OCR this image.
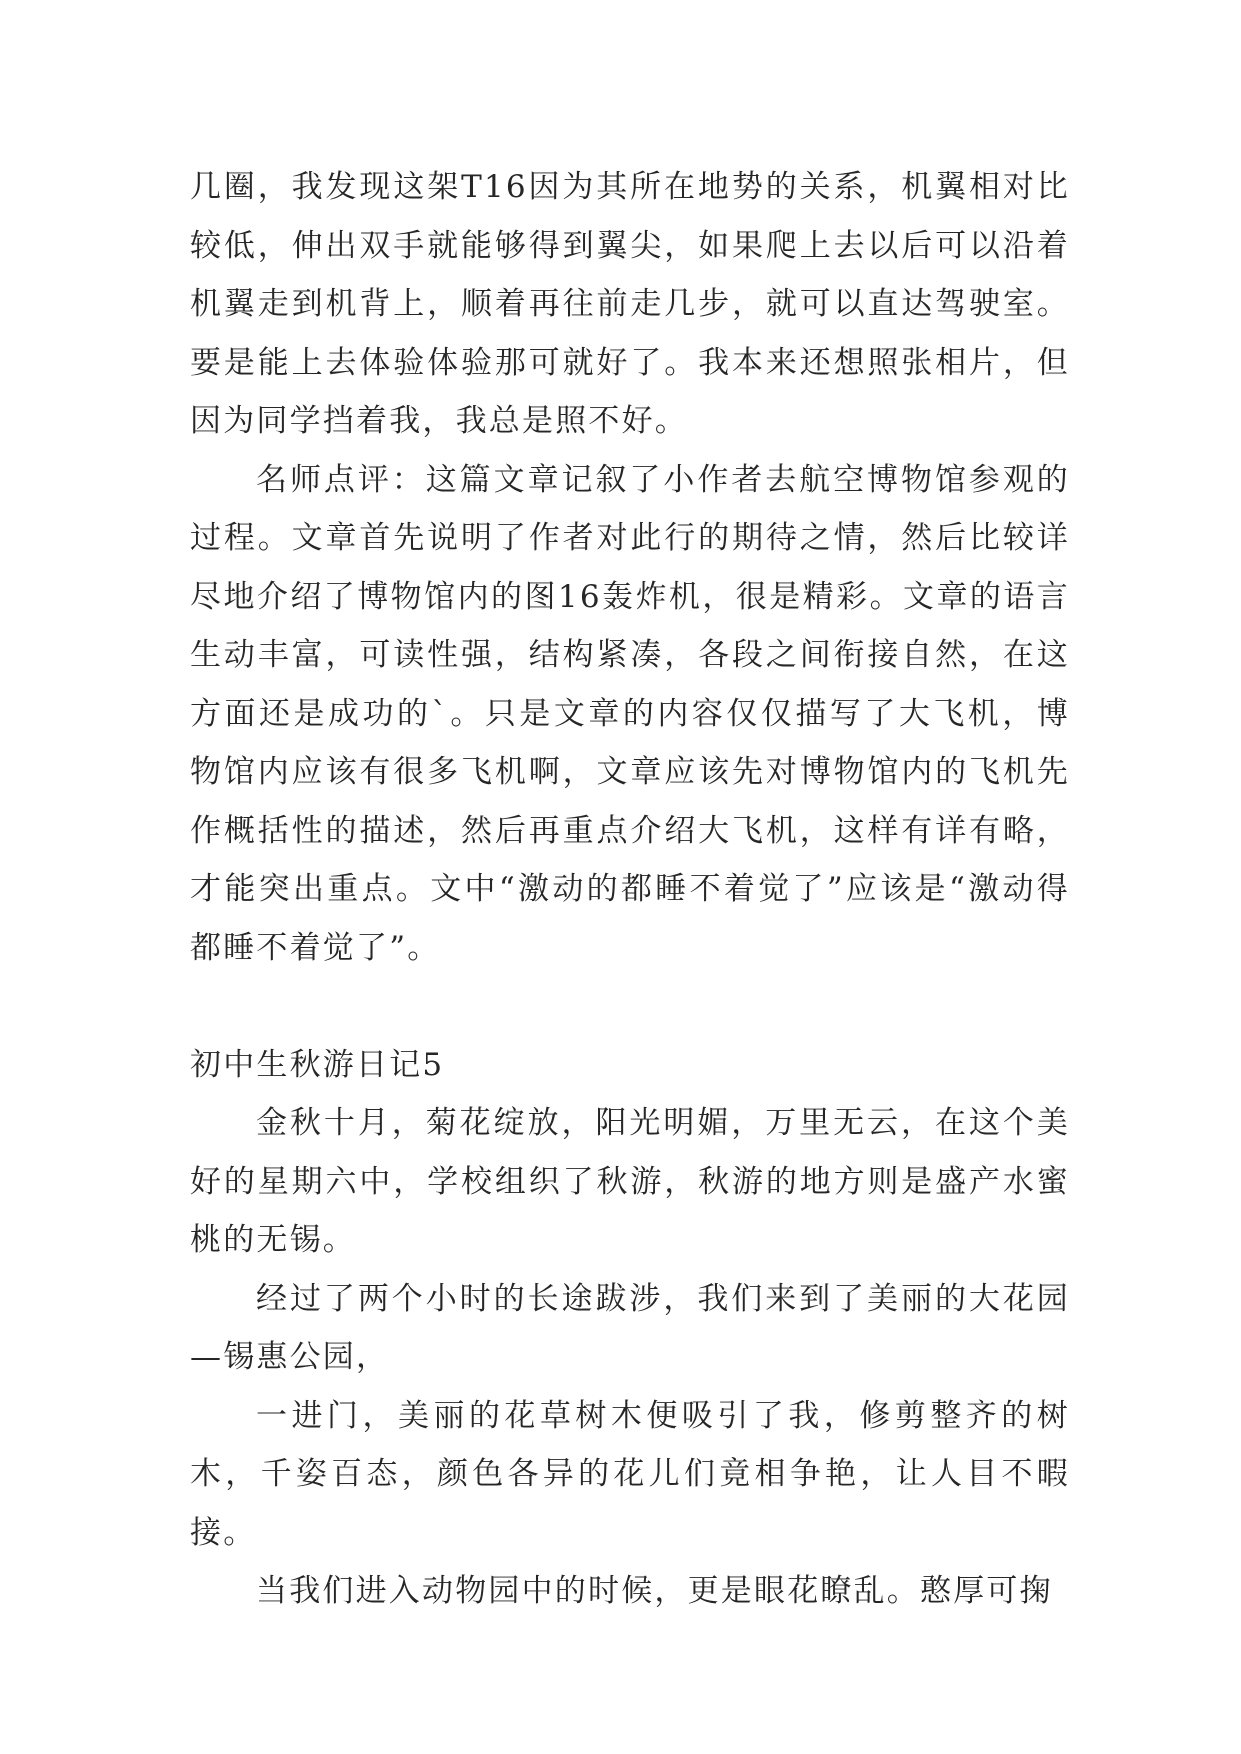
几圈，我发现这架T16因为其所在地势的关系，机翼相对比较低，伸出双手就能够得到翼尖，如果爬上去以后可以沿着机翼走到机背上，顺着再往前走几步，就可以直达驾驶室。要是能上去体验体验那可就好了。我本来还想照张相片，但因为同学挡着我，我总是照不好。

名师点评：这篇文章记叙了小作者去航空博物馆参观的过程。文章首先说明了作者对此行的期待之情，然后比较详尽地介绍了博物馆内的图16轰炸机，很是精彩。文章的语言生动丰富，可读性强，结构紧凑，各段之间衔接自然，在这方面还是成功的`。只是文章的内容仅仅描写了大飞机，博物馆内应该有很多飞机啊，文章应该先对博物馆内的飞机先作概括性的描述，然后再重点介绍大飞机，这样有详有略，才能突出重点。文中“激动的都睡不着觉了”应该是“激动得都睡不着觉了”。

初中生秋游日记5

金秋十月，菊花绽放，阳光明媚，万里无云，在这个美好的星期六中，学校组织了秋游，秋游的地方则是盛产水蜜桃的无锡。

经过了两个小时的长途跋涉，我们来到了美丽的大花园—锡惠公园，

一进门，美丽的花草树木便吸引了我，修剪整齐的树木，千姿百态，颜色各异的花儿们竟相争艳，让人目不暇接。

当我们进入动物园中的时候，更是眼花瞭乱。憨厚可掬
